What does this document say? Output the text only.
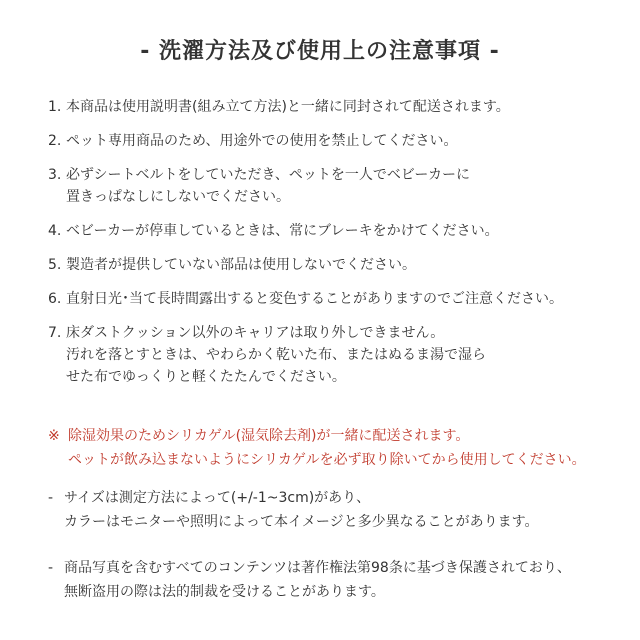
- 洗濯方法及び使用上の注意事項 -
1. 本商品は使用説明書(組み立て方法)と一緒に同封されて配送されます。
2. ペット専用商品のため、用途外での使用を禁止してください。
3. 必ずシートベルトをしていただき、ペットを一人でベビーカーに
置きっぱなしにしないでください。
4. ベビーカーが停車しているときは、常にブレーキをかけてください。
5. 製造者が提供していない部品は使用しないでください。
6. 直射日光･当て長時間露出すると変色することがありますのでご注意ください。
7. 床ダストクッション以外のキャリアは取り外しできません。
汚れを落とすときは、やわらかく乾いた布、またはぬるま湯で湿ら
せた布でゆっくりと軽くたたんでください。
※ 除湿効果のためシリカゲル(湿気除去剤)が一緒に配送されます。
ペットが飲み込まないようにシリカゲルを必ず取り除いてから使用してください。
- サイズは測定方法によって(+/-1~3cm)があり、
カラーはモニターや照明によって本イメージと多少異なることがあります。
- 商品写真を含むすべてのコンテンツは著作権法第98条に基づき保護されており、
無断盗用の際は法的制裁を受けることがあります。
